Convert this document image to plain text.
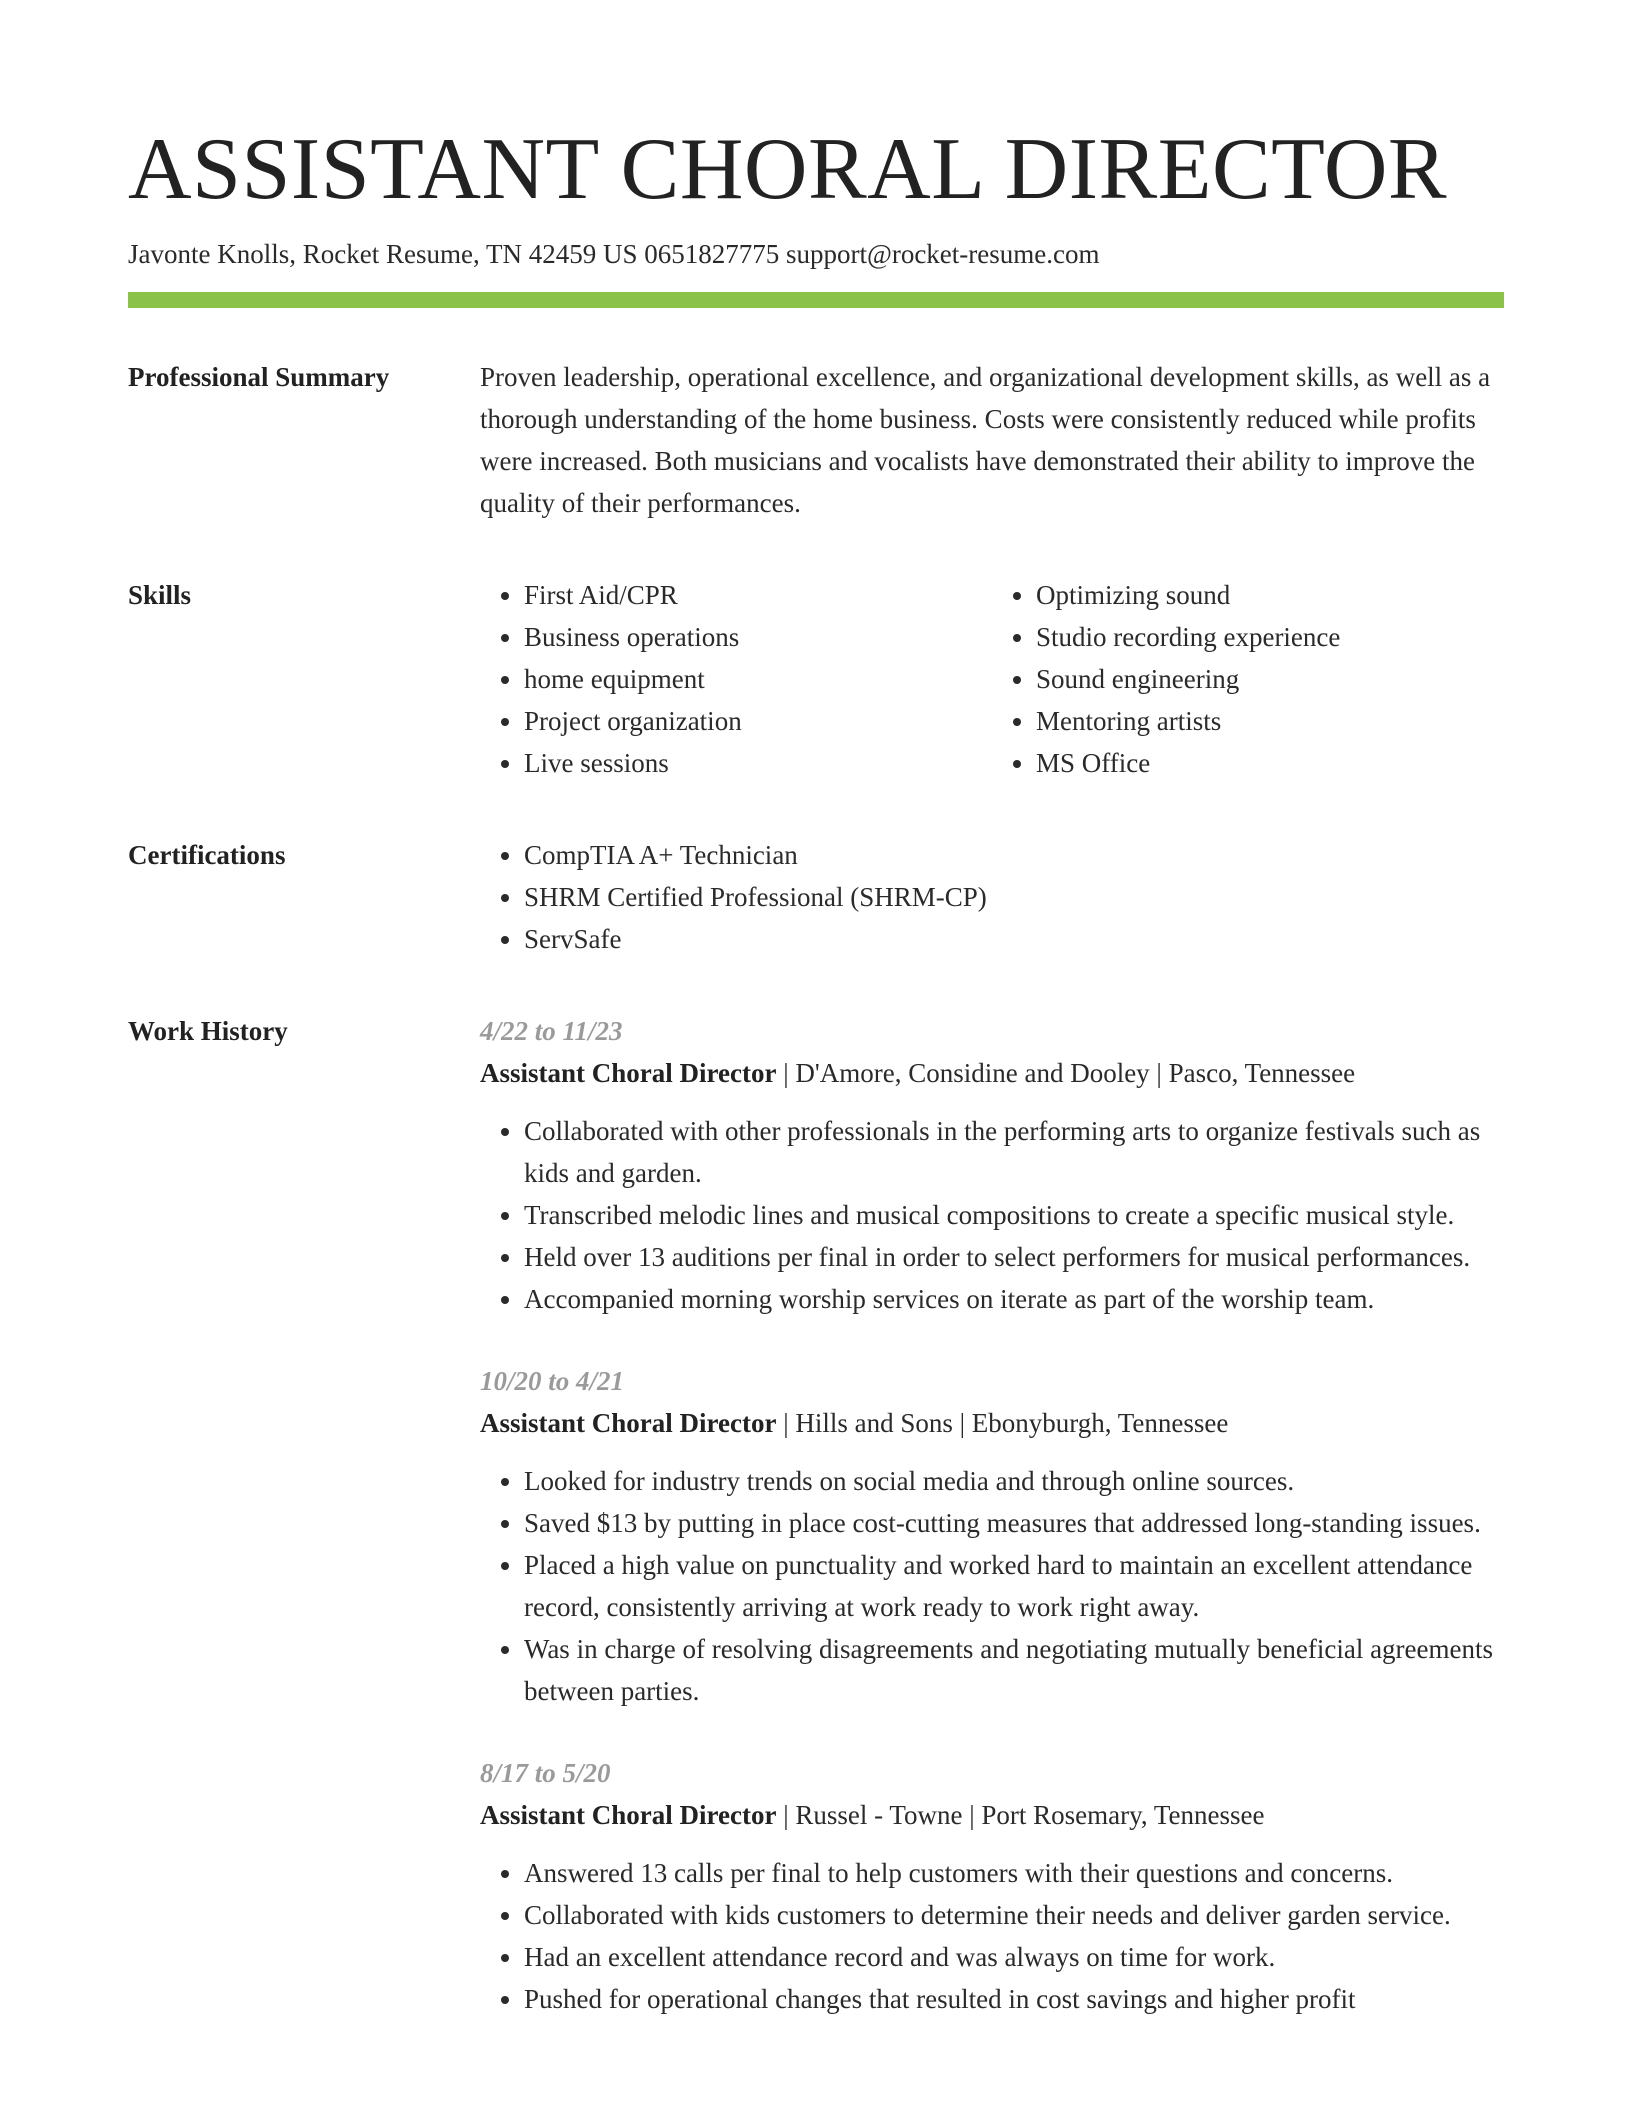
ASSISTANT CHORAL DIRECTOR
Javonte Knolls, Rocket Resume, TN 42459 US 0651827775 support@rocket-resume.com
Professional Summary	Proven leadership, operational excellence, and organizational development skills, as well as a thorough understanding of the home business. Costs were consistently reduced while profits were increased. Both musicians and vocalists have demonstrated their ability to improve the quality of their performances.

Skills	• First Aid/CPR
• Business operations
• home equipment
• Project organization
• Live sessions
• Optimizing sound
• Studio recording experience
• Sound engineering
• Mentoring artists
• MS Office
Certifications	• CompTIA A+ Technician
• SHRM Certified Professional (SHRM-CP)
• ServSafe
Work History	4/22 to 11/23
Assistant Choral Director | D'Amore, Considine and Dooley | Pasco, Tennessee
• Collaborated with other professionals in the performing arts to organize festivals such as kids and garden.
• Transcribed melodic lines and musical compositions to create a specific musical style.
• Held over 13 auditions per final in order to select performers for musical performances.
• Accompanied morning worship services on iterate as part of the worship team.
10/20 to 4/21
Assistant Choral Director | Hills and Sons | Ebonyburgh, Tennessee
• Looked for industry trends on social media and through online sources.
• Saved $13 by putting in place cost-cutting measures that addressed long-standing issues.
• Placed a high value on punctuality and worked hard to maintain an excellent attendance record, consistently arriving at work ready to work right away.
• Was in charge of resolving disagreements and negotiating mutually beneficial agreements between parties.
8/17 to 5/20
Assistant Choral Director | Russel - Towne | Port Rosemary, Tennessee
• Answered 13 calls per final to help customers with their questions and concerns.
• Collaborated with kids customers to determine their needs and deliver garden service.
• Had an excellent attendance record and was always on time for work.
• Pushed for operational changes that resulted in cost savings and higher profit
